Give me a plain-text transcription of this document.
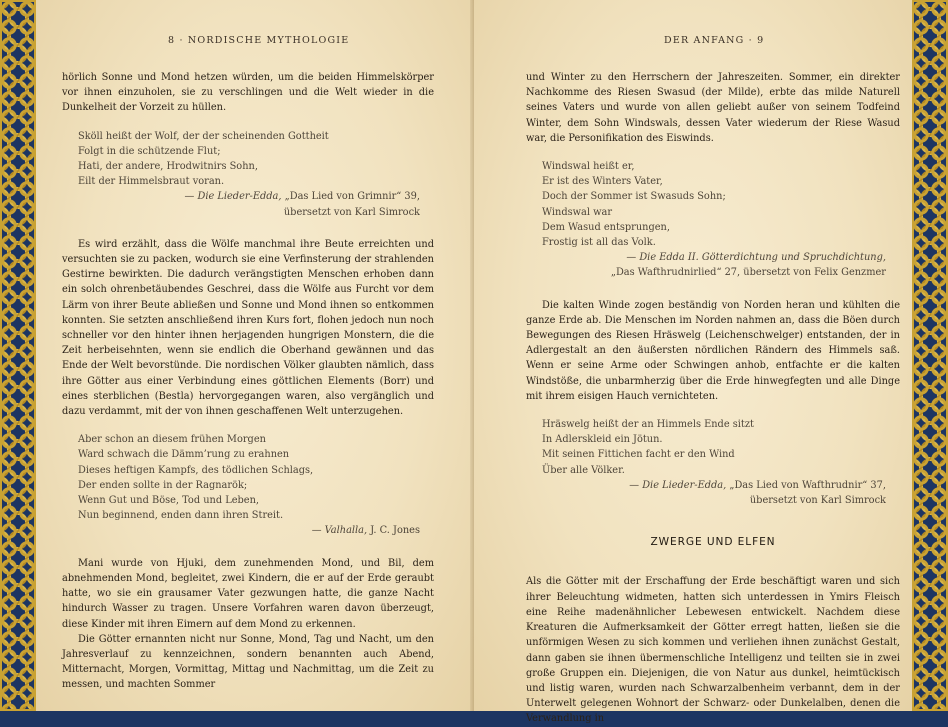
8 · NORDISCHE MYTHOLOGIE

hörlich Sonne und Mond hetzen würden, um die beiden Himmelskörper vor ihnen einzuholen, sie zu verschlingen und die Welt wieder in die Dunkelheit der Vorzeit zu hüllen.

Sköll heißt der Wolf, der der scheinenden Gottheit
Folgt in die schützende Flut;
Hati, der andere, Hrodwitnirs Sohn,
Eilt der Himmelsbraut voran.
— Die Lieder-Edda, „Das Lied von Grimnir“ 39,
übersetzt von Karl Simrock

Es wird erzählt, dass die Wölfe manchmal ihre Beute erreichten und versuchten sie zu packen, wodurch sie eine Verfinsterung der strahlenden Gestirne bewirkten. Die dadurch verängstigten Menschen erhoben dann ein solch ohrenbetäubendes Geschrei, dass die Wölfe aus Furcht vor dem Lärm von ihrer Beute abließen und Sonne und Mond ihnen so entkommen konnten. Sie setzten anschließend ihren Kurs fort, flohen jedoch nun noch schneller vor den hinter ihnen herjagenden hungrigen Monstern, die die Zeit herbeisehnten, wenn sie endlich die Oberhand gewännen und das Ende der Welt bevorstünde. Die nordischen Völker glaubten nämlich, dass ihre Götter aus einer Verbindung eines göttlichen Elements (Borr) und eines sterblichen (Bestla) hervorgegangen waren, also vergänglich und dazu verdammt, mit der von ihnen geschaffenen Welt unterzugehen.

Aber schon an diesem frühen Morgen
Ward schwach die Dämm’rung zu erahnen
Dieses heftigen Kampfs, des tödlichen Schlags,
Der enden sollte in der Ragnarök;
Wenn Gut und Böse, Tod und Leben,
Nun beginnend, enden dann ihren Streit.
— Valhalla, J. C. Jones

Mani wurde von Hjuki, dem zunehmenden Mond, und Bil, dem abnehmenden Mond, begleitet, zwei Kindern, die er auf der Erde geraubt hatte, wo sie ein grausamer Vater gezwungen hatte, die ganze Nacht hindurch Wasser zu tragen. Unsere Vorfahren waren davon überzeugt, diese Kinder mit ihren Eimern auf dem Mond zu erkennen.

Die Götter ernannten nicht nur Sonne, Mond, Tag und Nacht, um den Jahresverlauf zu kennzeichnen, sondern benannten auch Abend, Mitternacht, Morgen, Vormittag, Mittag und Nachmittag, um die Zeit zu messen, und machten Sommer

DER ANFANG · 9

und Winter zu den Herrschern der Jahreszeiten. Sommer, ein direkter Nachkomme des Riesen Swasud (der Milde), erbte das milde Naturell seines Vaters und wurde von allen geliebt außer von seinem Todfeind Winter, dem Sohn Windswals, dessen Vater wiederum der Riese Wasud war, die Personifikation des Eiswinds.

Windswal heißt er,
Er ist des Winters Vater,
Doch der Sommer ist Swasuds Sohn;
Windswal war
Dem Wasud entsprungen,
Frostig ist all das Volk.
— Die Edda II. Götterdichtung und Spruchdichtung,
„Das Wafthrudnirlied“ 27, übersetzt von Felix Genzmer

Die kalten Winde zogen beständig von Norden heran und kühlten die ganze Erde ab. Die Menschen im Norden nahmen an, dass die Böen durch Bewegungen des Riesen Hräswelg (Leichenschwelger) entstanden, der in Adlergestalt an den äußersten nördlichen Rändern des Himmels saß. Wenn er seine Arme oder Schwingen anhob, entfachte er die kalten Windstöße, die unbarmherzig über die Erde hinwegfegten und alle Dinge mit ihrem eisigen Hauch vernichteten.

Hräswelg heißt der an Himmels Ende sitzt
In Adlerskleid ein Jötun.
Mit seinen Fittichen facht er den Wind
Über alle Völker.
— Die Lieder-Edda, „Das Lied von Wafthrudnir“ 37,
übersetzt von Karl Simrock
ZWERGE UND ELFEN

Als die Götter mit der Erschaffung der Erde beschäftigt waren und sich ihrer Beleuchtung widmeten, hatten sich unterdessen in Ymirs Fleisch eine Reihe madenähnlicher Lebewesen entwickelt. Nachdem diese Kreaturen die Aufmerksamkeit der Götter erregt hatten, ließen sie die unförmigen Wesen zu sich kommen und verliehen ihnen zunächst Gestalt, dann gaben sie ihnen übermenschliche Intelligenz und teilten sie in zwei große Gruppen ein. Diejenigen, die von Natur aus dunkel, heimtückisch und listig waren, wurden nach Schwarzalbenheim verbannt, dem in der Unterwelt gelegenen Wohnort der Schwarz- oder Dunkelalben, denen die Verwandlung in
